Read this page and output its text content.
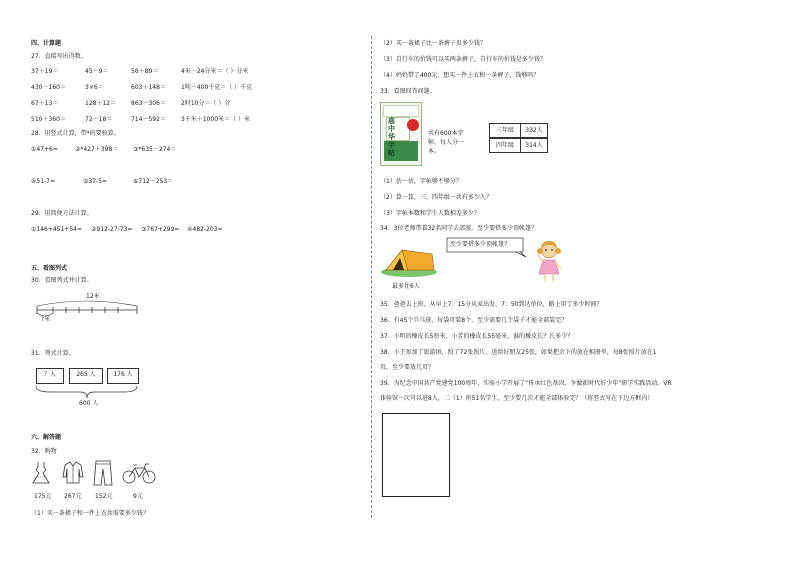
四、计算题
27．直接写出得数。
37＋19＝	45－9＝	56＋89＝	4米－24分米＝（ ）分米
430－160＝	3×6＝	603＋148＝	1吨－400千克＝（ ）千克
67＋13＝	128＋12＝ 863－306＝	2时10分＝（ ）分
510＋360＝	72－18＝	714－592＝	3千米＋1000米＝（ ）米
28．用竖式计算，带*的要验算。
①47+6=	②*427＋398＝ ③*635－274＝
④51-7=	⑤37-5=	⑥712－253＝
29．用简便方法计算。
①146+451+54= ②912-27-73= ③767+299= ④482-203=
五、看图列式
30．看图列式并计算。
12米
?米
31．列式计算。
？人	265 人	176 人
600 人
六、解答题
32．购物
175元 267元 152元	9元
（1）买一条裙子和一件上衣共需要多少钱？
（2）买一条裙子比一条裤子贵多少钱？
（3）自行车的价钱可以买两条裤子，自行车的价钱是多少钱？
（4）妈妈带了400元，想买一件上衣和一条裤子，钱够吗？
33．看图回答问题。
庙中华字帖
共有600本字帖，每人分一本。
三年级	332人
四年级	314人
（1）估一估，字帖够不够分？
（2）算一算，三、四年级一共有多少人？
（3）字帖本数和学生人数相差多少？
34．3位老师带着32名同学去郊游，至少要搭多少顶帐篷？
最多住6人
至少要搭多少顶帐篷？
35．爸爸去上班，从早上7：15分从家出发，7：50到达单位，路上用了多少时间？
36．有45个乒乓球，每袋可装8个，至少需要几个袋子才能全部装完？
37．小明的橡皮长5厘米，小芳的橡皮长55毫米，谁的橡皮长？长多少？
38．小王参加了旅游团，照了72张照片，送给好朋友25张，如果把余下的放在相册里，每8张照片放在1
页，至少要放几页？
39．为纪念中国共产党建党100周年，实验小学开展了“传承红色基因，争做新时代好少年”研学实践活动。VR
体验馆一次可以进8人，二（1）班51名学生，至少要几次才能全部体验完？（将竖式写在下边方框内）
